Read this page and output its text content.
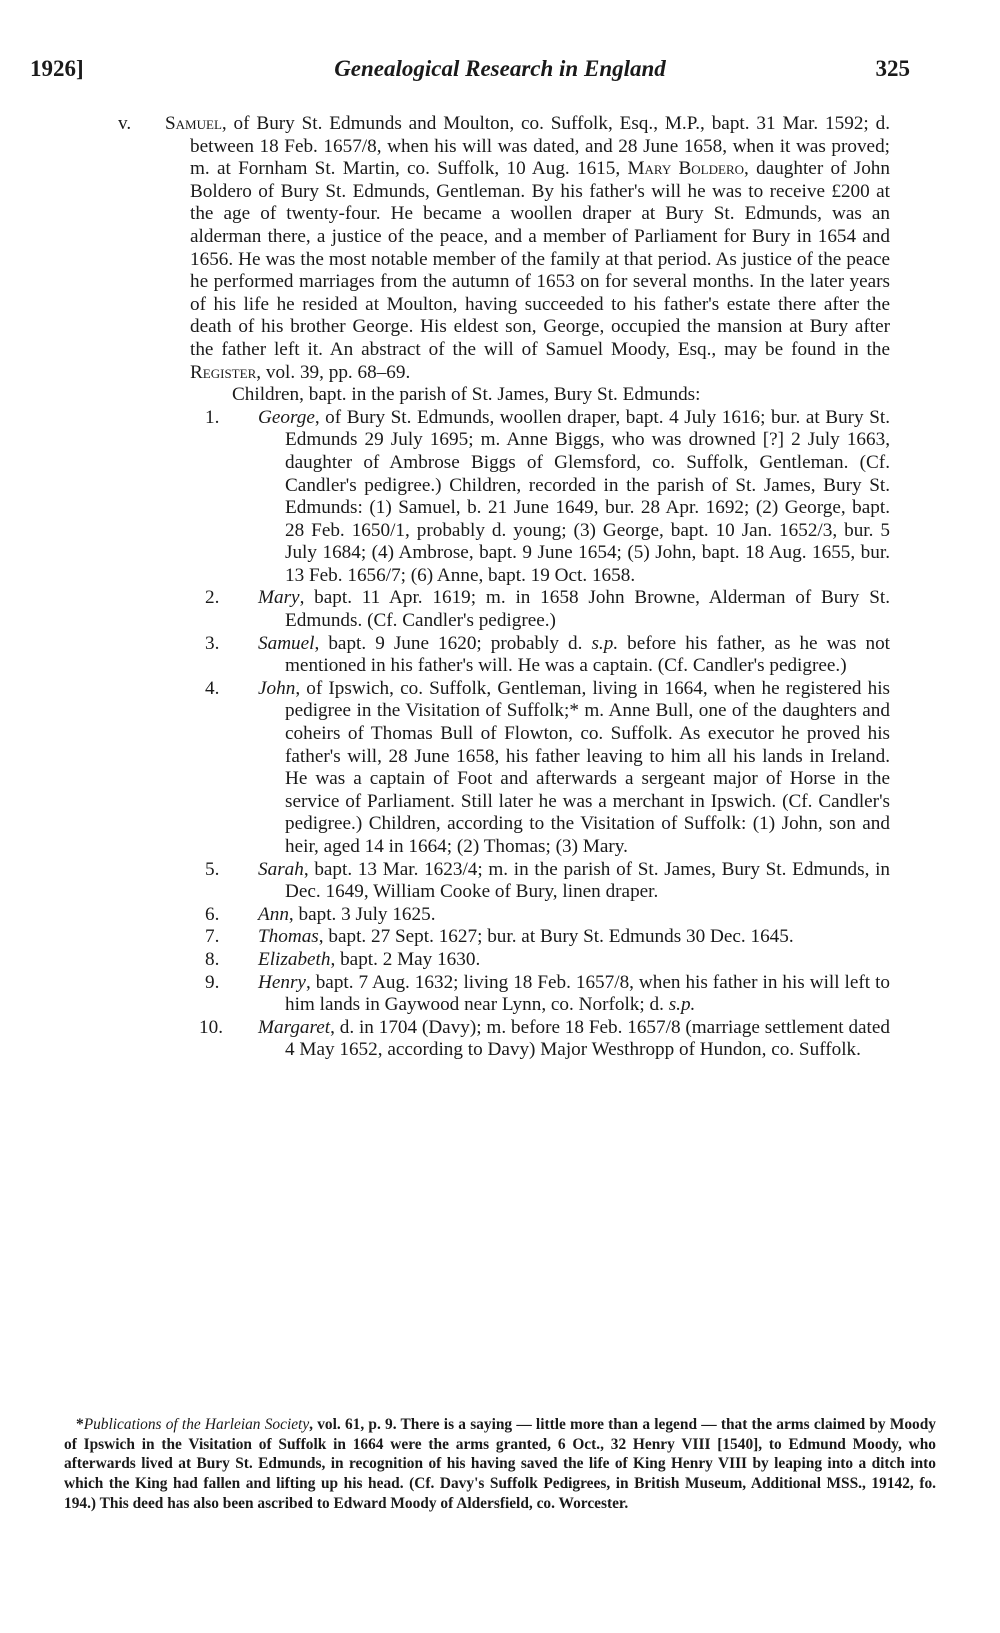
1926]	Genealogical Research in England	325

v. Samuel, of Bury St. Edmunds and Moulton, co. Suffolk, Esq., M.P., bapt. 31 Mar. 1592; d. between 18 Feb. 1657/8, when his will was dated, and 28 June 1658, when it was proved; m. at Fornham St. Martin, co. Suffolk, 10 Aug. 1615, Mary Boldero, daughter of John Boldero of Bury St. Edmunds, Gentleman. By his father's will he was to receive £200 at the age of twenty-four. He became a woollen draper at Bury St. Edmunds, was an alderman there, a justice of the peace, and a member of Parliament for Bury in 1654 and 1656. He was the most notable member of the family at that period. As justice of the peace he performed marriages from the autumn of 1653 on for several months. In the later years of his life he resided at Moulton, having succeeded to his father's estate there after the death of his brother George. His eldest son, George, occupied the mansion at Bury after the father left it. An abstract of the will of Samuel Moody, Esq., may be found in the Register, vol. 39, pp. 68–69.

Children, bapt. in the parish of St. James, Bury St. Edmunds:

1.	George, of Bury St. Edmunds, woollen draper, bapt. 4 July 1616; bur. at Bury St. Edmunds 29 July 1695; m. Anne Biggs, who was drowned [?] 2 July 1663, daughter of Ambrose Biggs of Glemsford, co. Suffolk, Gentleman. (Cf. Candler's pedigree.) Children, recorded in the parish of St. James, Bury St. Edmunds: (1) Samuel, b. 21 June 1649, bur. 28 Apr. 1692; (2) George, bapt. 28 Feb. 1650/1, probably d. young; (3) George, bapt. 10 Jan. 1652/3, bur. 5 July 1684; (4) Ambrose, bapt. 9 June 1654; (5) John, bapt. 18 Aug. 1655, bur. 13 Feb. 1656/7; (6) Anne, bapt. 19 Oct. 1658.

2.	Mary, bapt. 11 Apr. 1619; m. in 1658 John Browne, Alderman of Bury St. Edmunds. (Cf. Candler's pedigree.)

3.	Samuel, bapt. 9 June 1620; probably d. s.p. before his father, as he was not mentioned in his father's will. He was a captain. (Cf. Candler's pedigree.)

4.	John, of Ipswich, co. Suffolk, Gentleman, living in 1664, when he registered his pedigree in the Visitation of Suffolk;* m. Anne Bull, one of the daughters and coheirs of Thomas Bull of Flowton, co. Suffolk. As executor he proved his father's will, 28 June 1658, his father leaving to him all his lands in Ireland. He was a captain of Foot and afterwards a sergeant major of Horse in the service of Parliament. Still later he was a merchant in Ipswich. (Cf. Candler's pedigree.) Children, according to the Visitation of Suffolk: (1) John, son and heir, aged 14 in 1664; (2) Thomas; (3) Mary.

5.	Sarah, bapt. 13 Mar. 1623/4; m. in the parish of St. James, Bury St. Edmunds, in Dec. 1649, William Cooke of Bury, linen draper.

6.	Ann, bapt. 3 July 1625.

7.	Thomas, bapt. 27 Sept. 1627; bur. at Bury St. Edmunds 30 Dec. 1645.

8.	Elizabeth, bapt. 2 May 1630.

9.	Henry, bapt. 7 Aug. 1632; living 18 Feb. 1657/8, when his father in his will left to him lands in Gaywood near Lynn, co. Norfolk; d. s.p.

10.	Margaret, d. in 1704 (Davy); m. before 18 Feb. 1657/8 (marriage settlement dated 4 May 1652, according to Davy) Major Westhropp of Hundon, co. Suffolk.

*Publications of the Harleian Society, vol. 61, p. 9. There is a saying — little more than a legend — that the arms claimed by Moody of Ipswich in the Visitation of Suffolk in 1664 were the arms granted, 6 Oct., 32 Henry VIII [1540], to Edmund Moody, who afterwards lived at Bury St. Edmunds, in recognition of his having saved the life of King Henry VIII by leaping into a ditch into which the King had fallen and lifting up his head. (Cf. Davy's Suffolk Pedigrees, in British Museum, Additional MSS., 19142, fo. 194.) This deed has also been ascribed to Edward Moody of Aldersfield, co. Worcester.
